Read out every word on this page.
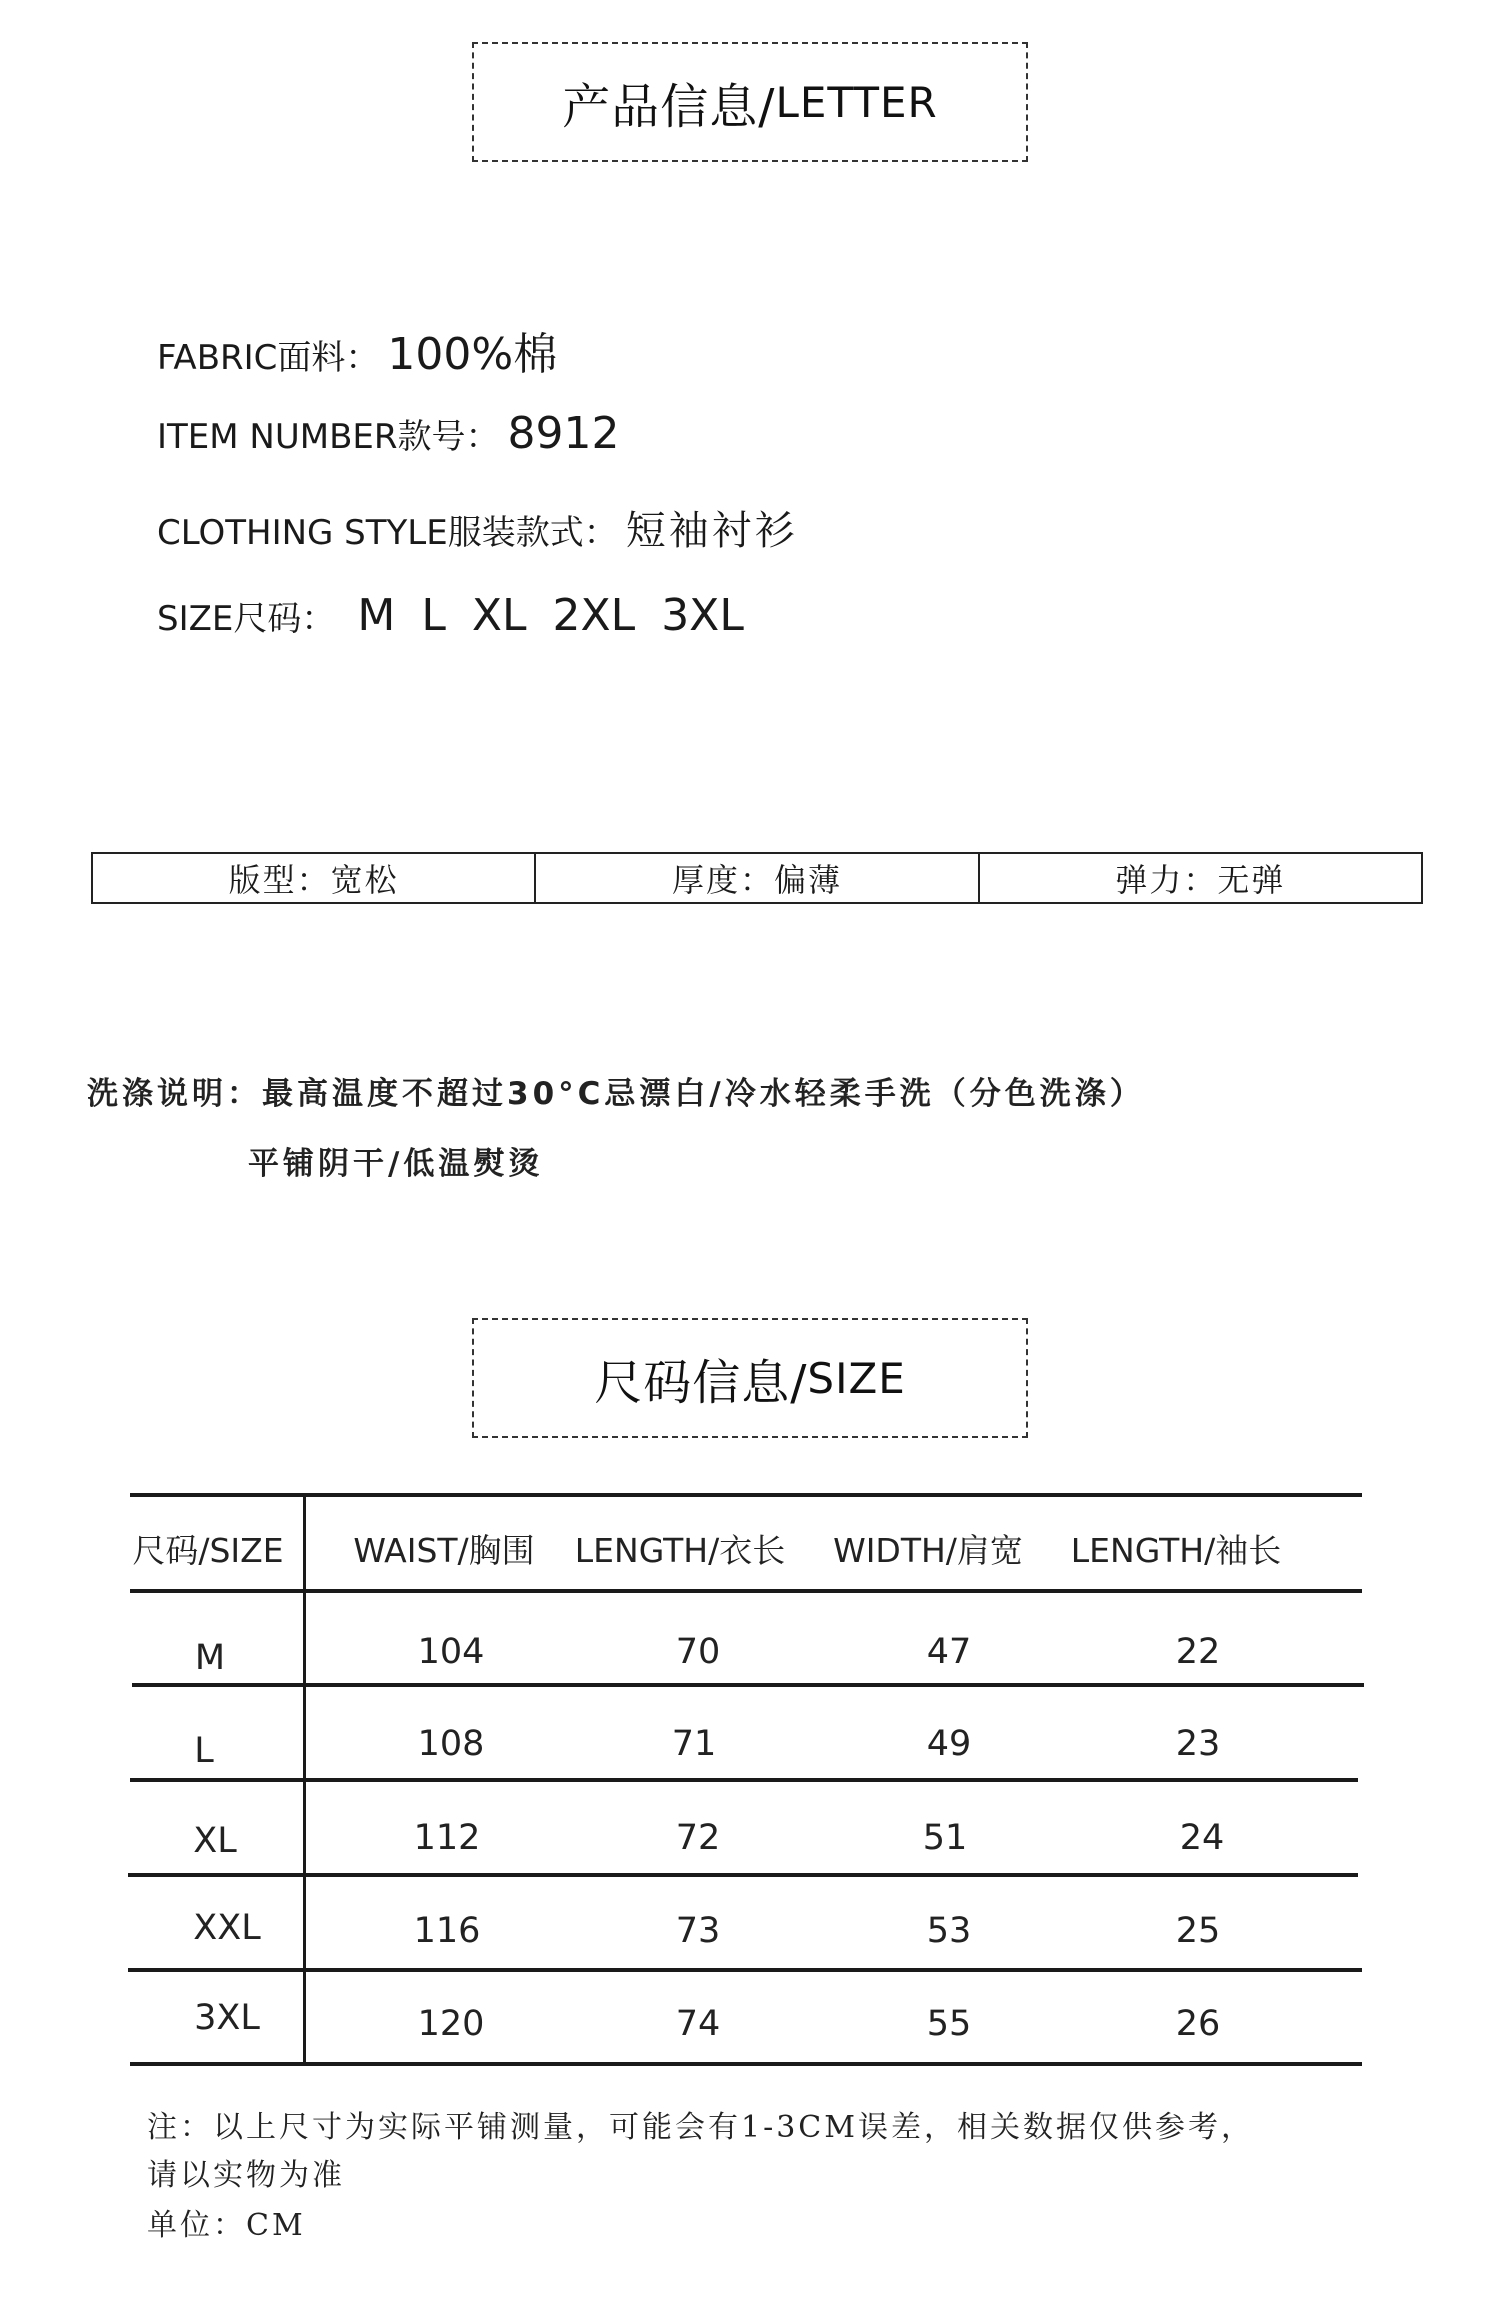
产品信息/ LETTER
FABRIC面料： 100%棉
ITEM NUMBER款号： 8912
CLOTHING STYLE服装款式： 短袖衬衫
SIZE尺码： M L XL 2XL 3XL
版型：宽松	厚度：偏薄	弹力：无弹
洗涤说明：最高温度不超过30°C忌漂白/冷水轻柔手洗（分色洗涤）
平铺阴干/低温熨烫
尺码信息/ SIZE
尺码/SIZE WAIST/胸围 LENGTH/衣长 WIDTH/肩宽 LENGTH/袖长
M	104	70	47	22
L	108	71	49	23
XL	112	72	51	24
XXL	116	73	53	25
3XL	120	74	55	26
注：以上尺寸为实际平铺测量，可能会有1-3CM误差，相关数据仅供参考，
请以实物为准
单位：CM
